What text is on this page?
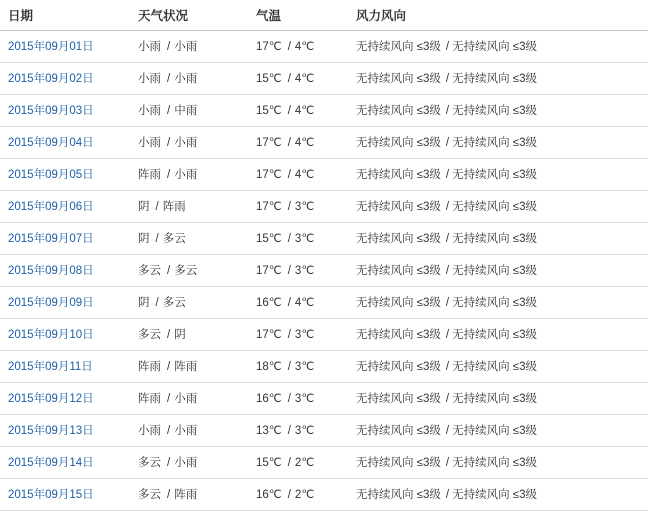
日期	天气状况	气温	风力风向
2015年09月01日	小雨 / 小雨	17℃ / 4℃	无持续风向 ≤3级 / 无持续风向 ≤3级
2015年09月02日	小雨 / 小雨	15℃ / 4℃	无持续风向 ≤3级 / 无持续风向 ≤3级
2015年09月03日	小雨 / 中雨	15℃ / 4℃	无持续风向 ≤3级 / 无持续风向 ≤3级
2015年09月04日	小雨 / 小雨	17℃ / 4℃	无持续风向 ≤3级 / 无持续风向 ≤3级
2015年09月05日	阵雨 / 小雨	17℃ / 4℃	无持续风向 ≤3级 / 无持续风向 ≤3级
2015年09月06日	阴 / 阵雨	17℃ / 3℃	无持续风向 ≤3级 / 无持续风向 ≤3级
2015年09月07日	阴 / 多云	15℃ / 3℃	无持续风向 ≤3级 / 无持续风向 ≤3级
2015年09月08日	多云 / 多云	17℃ / 3℃	无持续风向 ≤3级 / 无持续风向 ≤3级
2015年09月09日	阴 / 多云	16℃ / 4℃	无持续风向 ≤3级 / 无持续风向 ≤3级
2015年09月10日	多云 / 阴	17℃ / 3℃	无持续风向 ≤3级 / 无持续风向 ≤3级
2015年09月11日	阵雨 / 阵雨	18℃ / 3℃	无持续风向 ≤3级 / 无持续风向 ≤3级
2015年09月12日	阵雨 / 小雨	16℃ / 3℃	无持续风向 ≤3级 / 无持续风向 ≤3级
2015年09月13日	小雨 / 小雨	13℃ / 3℃	无持续风向 ≤3级 / 无持续风向 ≤3级
2015年09月14日	多云 / 小雨	15℃ / 2℃	无持续风向 ≤3级 / 无持续风向 ≤3级
2015年09月15日	多云 / 阵雨	16℃ / 2℃	无持续风向 ≤3级 / 无持续风向 ≤3级
